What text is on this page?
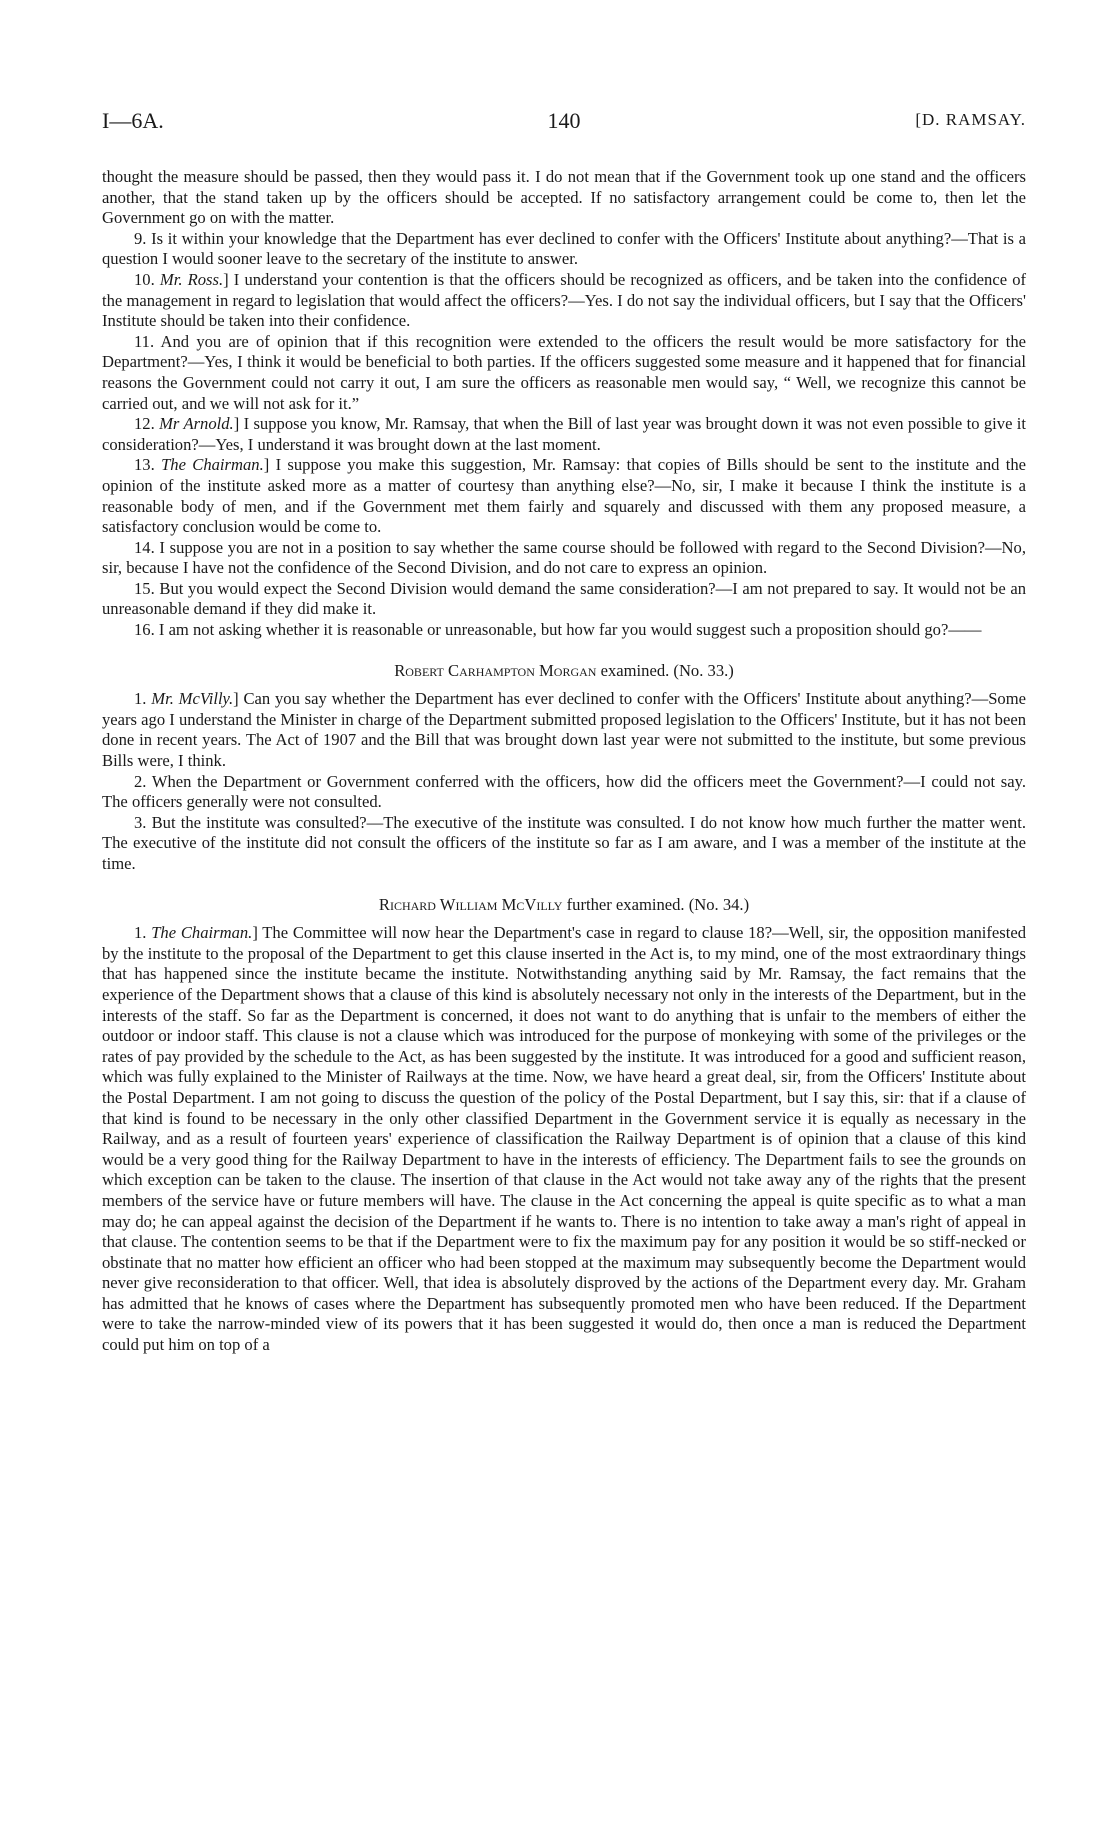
I—6A.	140	[D. RAMSAY.

thought the measure should be passed, then they would pass it. I do not mean that if the Government took up one stand and the officers another, that the stand taken up by the officers should be accepted. If no satisfactory arrangement could be come to, then let the Government go on with the matter.

9. Is it within your knowledge that the Department has ever declined to confer with the Officers' Institute about anything?—That is a question I would sooner leave to the secretary of the institute to answer.

10. Mr. Ross.] I understand your contention is that the officers should be recognized as officers, and be taken into the confidence of the management in regard to legislation that would affect the officers?—Yes. I do not say the individual officers, but I say that the Officers' Institute should be taken into their confidence.

11. And you are of opinion that if this recognition were extended to the officers the result would be more satisfactory for the Department?—Yes, I think it would be beneficial to both parties. If the officers suggested some measure and it happened that for financial reasons the Government could not carry it out, I am sure the officers as reasonable men would say, “ Well, we recognize this cannot be carried out, and we will not ask for it.”

12. Mr Arnold.] I suppose you know, Mr. Ramsay, that when the Bill of last year was brought down it was not even possible to give it consideration?—Yes, I understand it was brought down at the last moment.

13. The Chairman.] I suppose you make this suggestion, Mr. Ramsay: that copies of Bills should be sent to the institute and the opinion of the institute asked more as a matter of courtesy than anything else?—No, sir, I make it because I think the institute is a reasonable body of men, and if the Government met them fairly and squarely and discussed with them any proposed measure, a satisfactory conclusion would be come to.

14. I suppose you are not in a position to say whether the same course should be followed with regard to the Second Division?—No, sir, because I have not the confidence of the Second Division, and do not care to express an opinion.

15. But you would expect the Second Division would demand the same consideration?—I am not prepared to say. It would not be an unreasonable demand if they did make it.

16. I am not asking whether it is reasonable or unreasonable, but how far you would suggest such a proposition should go?——

Robert Carhampton Morgan examined. (No. 33.)

1. Mr. McVilly.] Can you say whether the Department has ever declined to confer with the Officers' Institute about anything?—Some years ago I understand the Minister in charge of the Department submitted proposed legislation to the Officers' Institute, but it has not been done in recent years. The Act of 1907 and the Bill that was brought down last year were not submitted to the institute, but some previous Bills were, I think.

2. When the Department or Government conferred with the officers, how did the officers meet the Government?—I could not say. The officers generally were not consulted.

3. But the institute was consulted?—The executive of the institute was consulted. I do not know how much further the matter went. The executive of the institute did not consult the officers of the institute so far as I am aware, and I was a member of the institute at the time.

Richard William McVilly further examined. (No. 34.)

1. The Chairman.] The Committee will now hear the Department's case in regard to clause 18?—Well, sir, the opposition manifested by the institute to the proposal of the Department to get this clause inserted in the Act is, to my mind, one of the most extraordinary things that has happened since the institute became the institute. Notwithstanding anything said by Mr. Ramsay, the fact remains that the experience of the Department shows that a clause of this kind is absolutely necessary not only in the interests of the Department, but in the interests of the staff. So far as the Department is concerned, it does not want to do anything that is unfair to the members of either the outdoor or indoor staff. This clause is not a clause which was introduced for the purpose of monkeying with some of the privileges or the rates of pay provided by the schedule to the Act, as has been suggested by the institute. It was introduced for a good and sufficient reason, which was fully explained to the Minister of Railways at the time. Now, we have heard a great deal, sir, from the Officers' Institute about the Postal Department. I am not going to discuss the question of the policy of the Postal Department, but I say this, sir: that if a clause of that kind is found to be necessary in the only other classified Department in the Government service it is equally as necessary in the Railway, and as a result of fourteen years' experience of classification the Railway Department is of opinion that a clause of this kind would be a very good thing for the Railway Department to have in the interests of efficiency. The Department fails to see the grounds on which exception can be taken to the clause. The insertion of that clause in the Act would not take away any of the rights that the present members of the service have or future members will have. The clause in the Act concerning the appeal is quite specific as to what a man may do; he can appeal against the decision of the Department if he wants to. There is no intention to take away a man's right of appeal in that clause. The contention seems to be that if the Department were to fix the maximum pay for any position it would be so stiff-necked or obstinate that no matter how efficient an officer who had been stopped at the maximum may subsequently become the Department would never give reconsideration to that officer. Well, that idea is absolutely disproved by the actions of the Department every day. Mr. Graham has admitted that he knows of cases where the Department has subsequently promoted men who have been reduced. If the Department were to take the narrow-minded view of its powers that it has been suggested it would do, then once a man is reduced the Department could put him on top of a
